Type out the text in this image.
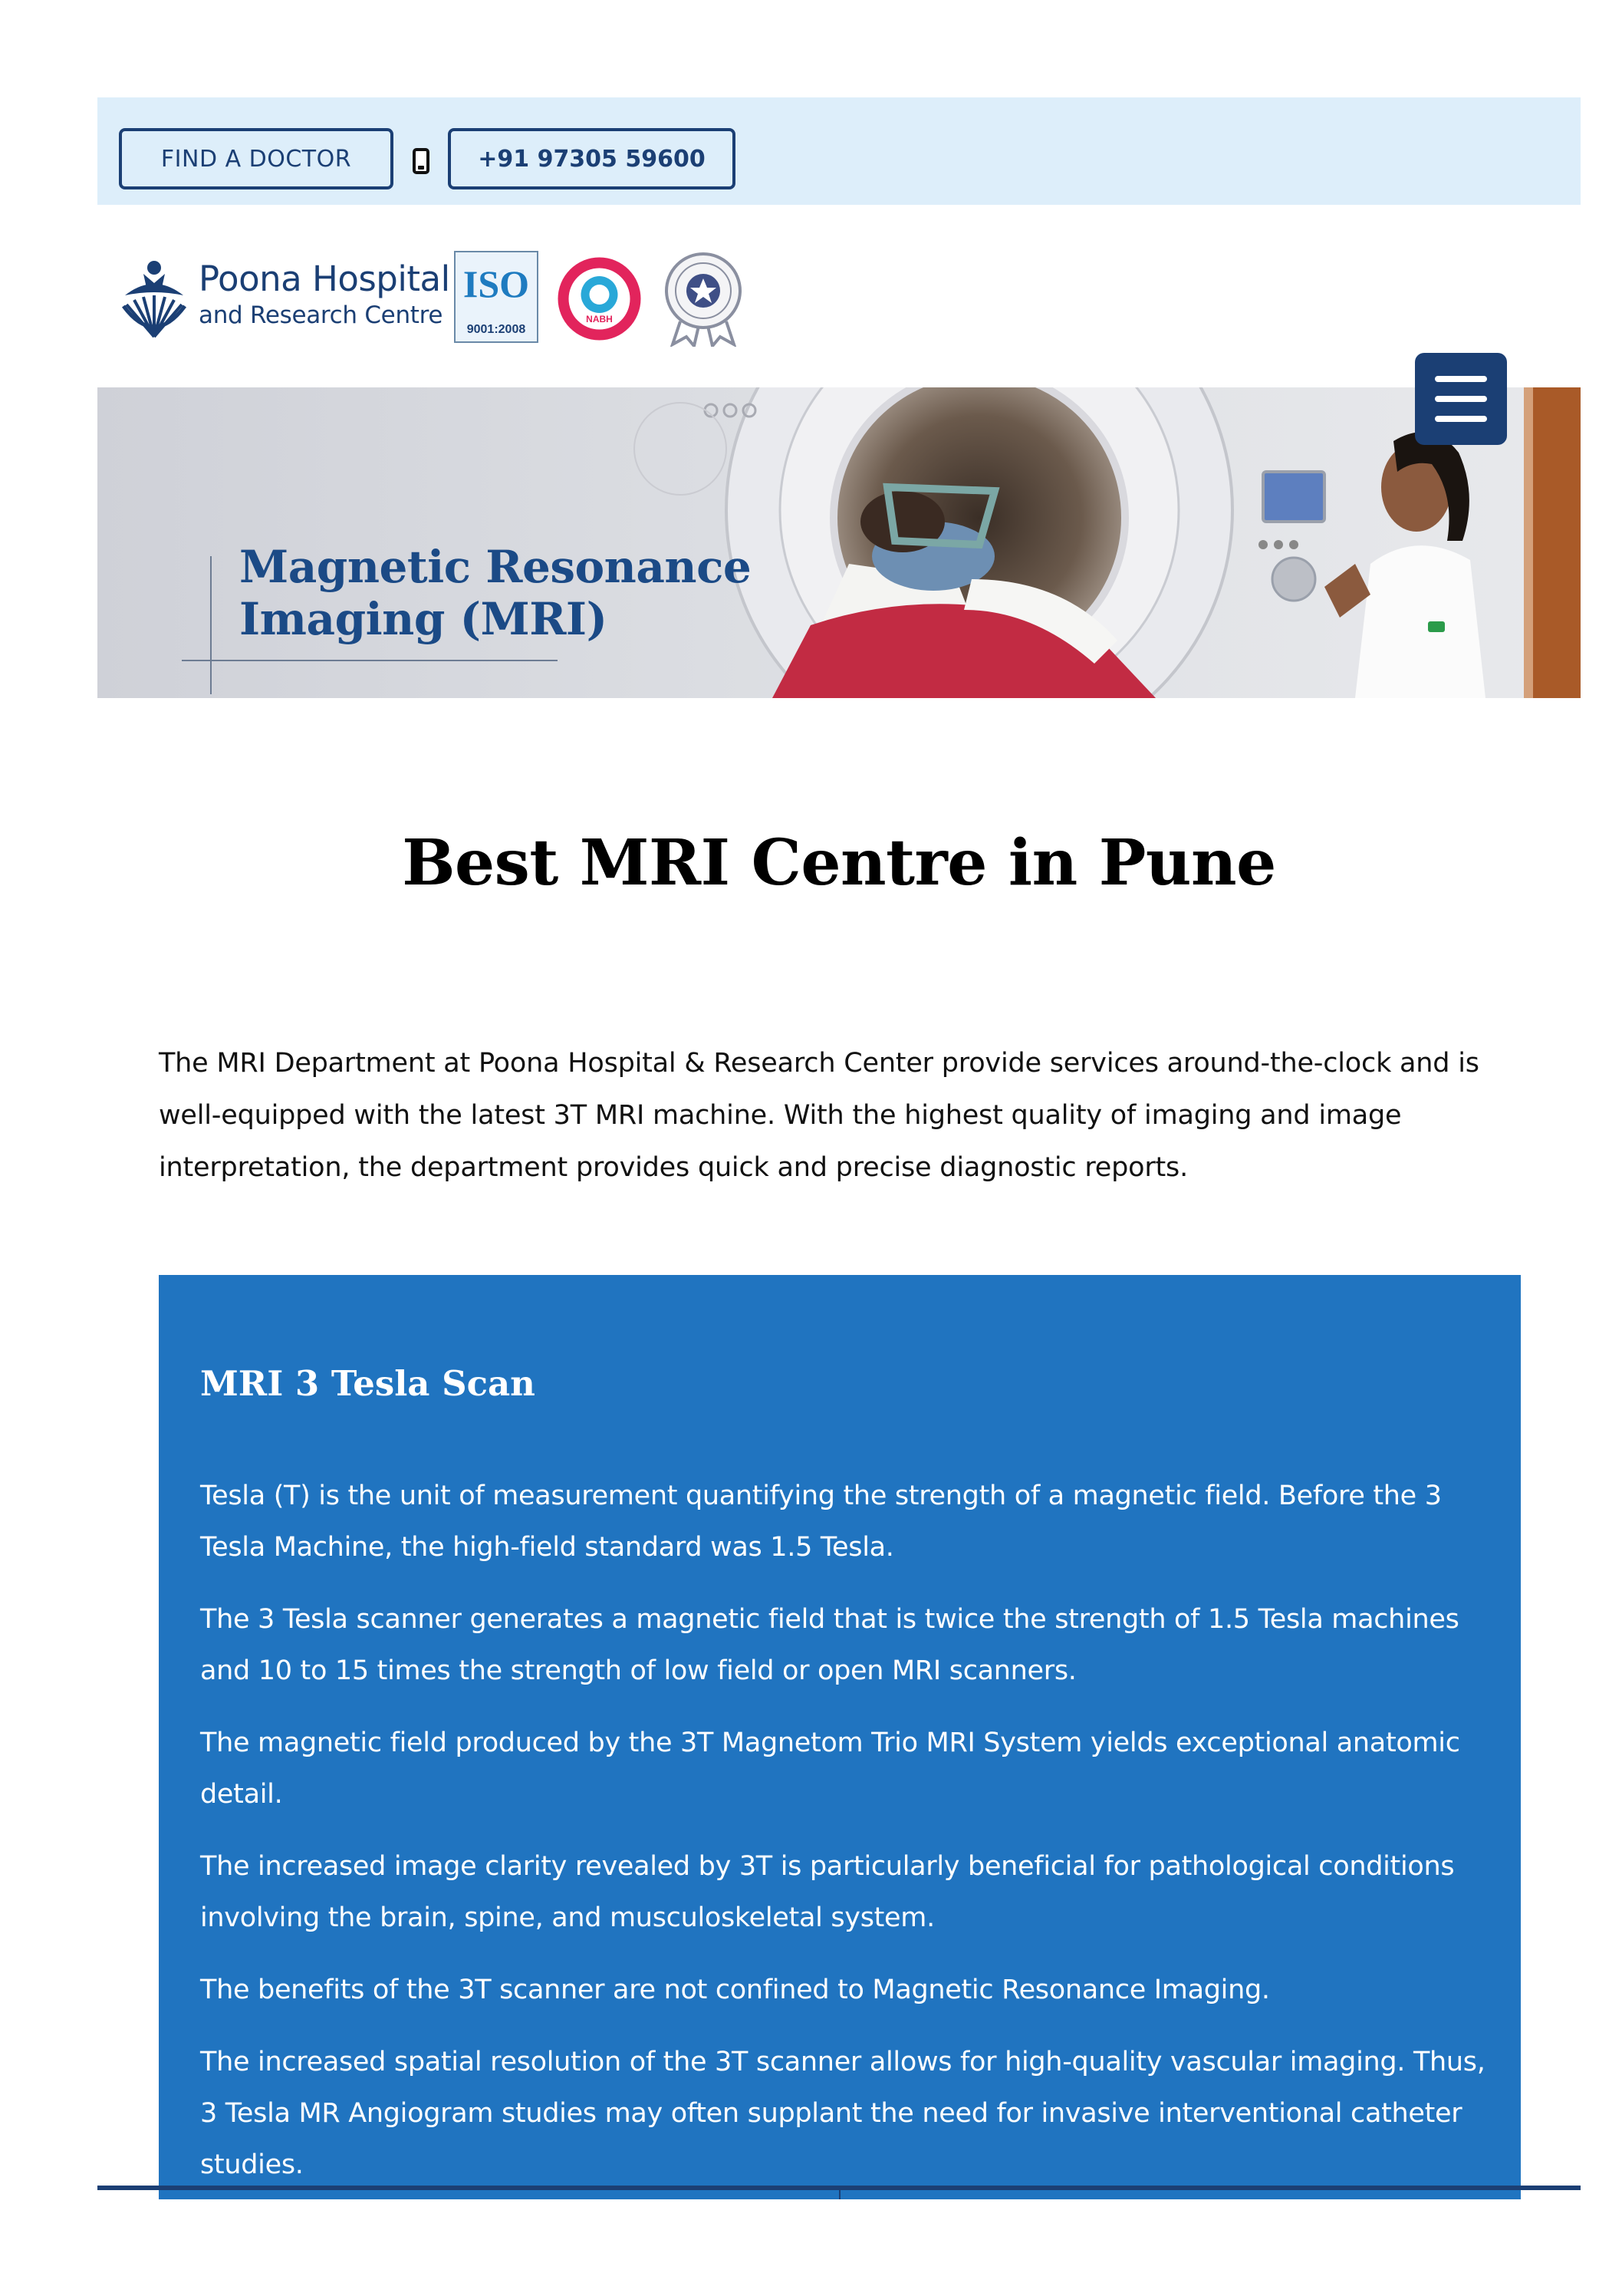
FIND A DOCTOR	+91 97305 59600
Poona Hospital
and Research Centre
ISO
9001:2008
NABH
Magnetic Resonance
Imaging (MRI)
Best MRI Centre in Pune

The MRI Department at Poona Hospital & Research Center provide services around-the-clock and is well-equipped with the latest 3T MRI machine. With the highest quality of imaging and image interpretation, the department provides quick and precise diagnostic reports.

MRI 3 Tesla Scan

Tesla (T) is the unit of measurement quantifying the strength of a magnetic field. Before the 3 Tesla Machine, the high-field standard was 1.5 Tesla.

The 3 Tesla scanner generates a magnetic field that is twice the strength of 1.5 Tesla machines and 10 to 15 times the strength of low field or open MRI scanners.

The magnetic field produced by the 3T Magnetom Trio MRI System yields exceptional anatomic detail.

The increased image clarity revealed by 3T is particularly beneficial for pathological conditions involving the brain, spine, and musculoskeletal system.

The benefits of the 3T scanner are not confined to Magnetic Resonance Imaging.

The increased spatial resolution of the 3T scanner allows for high-quality vascular imaging. Thus, 3 Tesla MR Angiogram studies may often supplant the need for invasive interventional catheter studies.
